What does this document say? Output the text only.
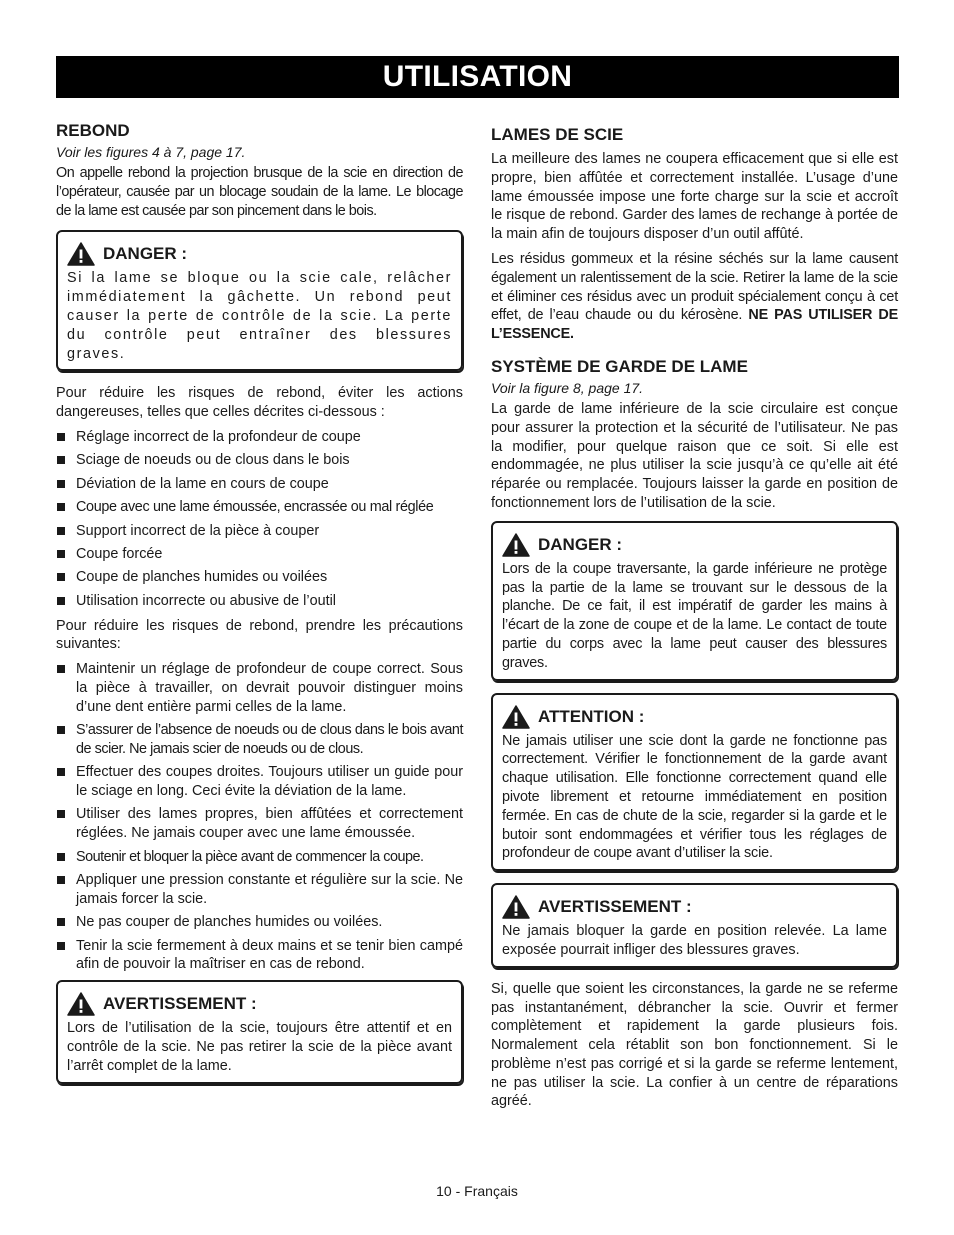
UTILISATION
REBOND
Voir les figures 4 à 7, page 17.

On appelle rebond la projection brusque de la scie en direction de l’opérateur, causée par un blocage soudain de la lame. Le blocage de la lame est causée par son pincement dans le bois.

DANGER :

Si la lame se bloque ou la scie cale, relâcher immédiatement la gâchette. Un rebond peut causer la perte de contrôle de la scie. La perte du contrôle peut entraîner des blessures graves.

Pour réduire les risques de rebond, éviter les actions dangereuses, telles que celles décrites ci-dessous :

Réglage incorrect de la profondeur de coupe
Sciage de noeuds ou de clous dans le bois
Déviation de la lame en cours de coupe
Coupe avec une lame émoussée, encrassée ou mal réglée
Support incorrect de la pièce à couper
Coupe forcée
Coupe de planches humides ou voilées
Utilisation incorrecte ou abusive de l’outil

Pour réduire les risques de rebond, prendre les précautions suivantes:

Maintenir un réglage de profondeur de coupe correct. Sous la pièce à travailler, on devrait pouvoir distinguer moins d’une dent entière parmi celles de la lame.
S’assurer de l’absence de noeuds ou de clous dans le bois avant de scier. Ne jamais scier de noeuds ou de clous.
Effectuer des coupes droites. Toujours utiliser un guide pour le sciage en long. Ceci évite la déviation de la lame.
Utiliser des lames propres, bien affûtées et correctement réglées. Ne jamais couper avec une lame émoussée.
Soutenir et bloquer la pièce avant de commencer la coupe.
Appliquer une pression constante et régulière sur la scie. Ne jamais forcer la scie.
Ne pas couper de planches humides ou voilées.
Tenir la scie fermement à deux mains et se tenir bien campé afin de pouvoir la maîtriser en cas de rebond.
AVERTISSEMENT :

Lors de l’utilisation de la scie, toujours être attentif et en contrôle de la scie. Ne pas retirer la scie de la pièce avant l’arrêt complet de la lame.

LAMES DE SCIE

La meilleure des lames ne coupera efficacement que si elle est propre, bien affûtée et correctement installée. L’usage d’une lame émoussée impose une forte charge sur la scie et accroît le risque de rebond. Garder des lames de rechange à portée de la main afin de toujours disposer d’un outil affûté.

Les résidus gommeux et la résine séchés sur la lame causent également un ralentissement de la scie. Retirer la lame de la scie et éliminer ces résidus avec un produit spécialement conçu à cet effet, de l’eau chaude ou du kérosène. NE PAS UTILISER DE L’ESSENCE.

SYSTÈME DE GARDE DE LAME
Voir la figure 8, page 17.

La garde de lame inférieure de la scie circulaire est conçue pour assurer la protection et la sécurité de l’utilisateur. Ne pas la modifier, pour quelque raison que ce soit. Si elle est endommagée, ne plus utiliser la scie jusqu’à ce qu’elle ait été réparée ou remplacée. Toujours laisser la garde en position de fonctionnement lors de l’utilisation de la scie.

DANGER :

Lors de la coupe traversante, la garde inférieure ne protège pas la partie de la lame se trouvant sur le dessous de la planche. De ce fait, il est impératif de garder les mains à l’écart de la zone de coupe et de la lame. Le contact de toute partie du corps avec la lame peut causer des blessures graves.

ATTENTION :

Ne jamais utiliser une scie dont la garde ne fonctionne pas correctement. Vérifier le fonctionnement de la garde avant chaque utilisation. Elle fonctionne correctement quand elle pivote librement et retourne immédiatement en position fermée. En cas de chute de la scie, regarder si la garde et le butoir sont endommagées et vérifier tous les réglages de profondeur de coupe avant d’utiliser la scie.

AVERTISSEMENT :

Ne jamais bloquer la garde en position relevée. La lame exposée pourrait infliger des blessures graves.

Si, quelle que soient les circonstances, la garde ne se referme pas instantanément, débrancher la scie. Ouvrir et fermer complètement et rapidement la garde plusieurs fois. Normalement cela rétablit son bon fonctionnement. Si le problème n’est pas corrigé et si la garde se referme lentement, ne pas utiliser la scie. La confier à un centre de réparations agréé.

10 - Français
